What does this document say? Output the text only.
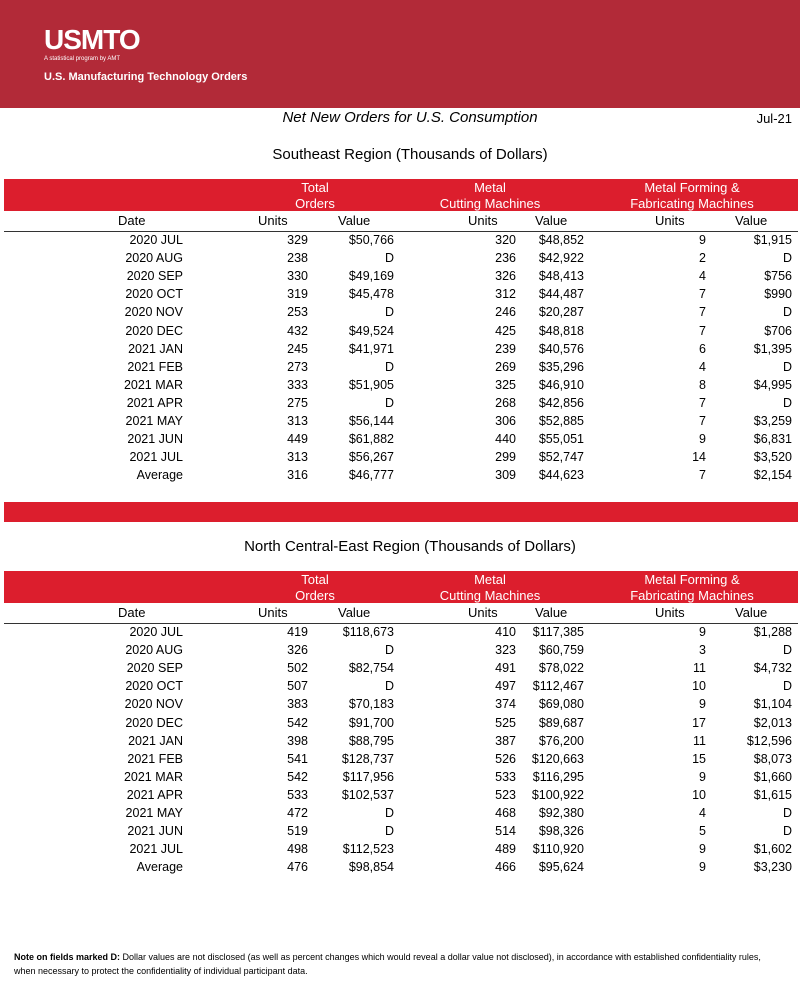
USMTO
A statistical program by AMT
U.S. Manufacturing Technology Orders
Net New Orders for U.S. Consumption	Jul-21
Southeast Region (Thousands of Dollars)
Total
Orders
Metal
Cutting Machines
Metal Forming &
Fabricating Machines
Date	Units	Value	Units	Value	Units	Value
2020 JUL	329	$50,766	320 $48,852	9	$1,915
2020 AUG	238	D	236 $42,922	2	D
2020 SEP	330	$49,169	326 $48,413	4	$756
2020 OCT	319	$45,478	312 $44,487	7	$990
2020 NOV	253	D	246 $20,287	7	D
2020 DEC	432	$49,524	425 $48,818	7	$706
2021 JAN	245	$41,971	239 $40,576	6	$1,395
2021 FEB	273	D	269 $35,296	4	D
2021 MAR	333	$51,905	325 $46,910	8	$4,995
2021 APR	275	D	268 $42,856	7	D
2021 MAY	313	$56,144	306 $52,885	7	$3,259
2021 JUN	449	$61,882	440 $55,051	9	$6,831
2021 JUL	313	$56,267	299 $52,747	14	$3,520
Average	316	$46,777	309 $44,623	7	$2,154
North Central-East Region (Thousands of Dollars)
Total
Orders
Metal
Cutting Machines
Metal Forming &
Fabricating Machines
Date	Units	Value	Units	Value	Units	Value
2020 JUL	419	$118,673	410 $117,385	9	$1,288
2020 AUG	326	D	323 $60,759	3	D
2020 SEP	502	$82,754	491 $78,022	11	$4,732
2020 OCT	507	D	497 $112,467	10	D
2020 NOV	383	$70,183	374 $69,080	9	$1,104
2020 DEC	542	$91,700	525 $89,687	17	$2,013
2021 JAN	398	$88,795	387 $76,200	11	$12,596
2021 FEB	541	$128,737	526 $120,663	15	$8,073
2021 MAR	542	$117,956	533 $116,295	9	$1,660
2021 APR	533	$102,537	523 $100,922	10	$1,615
2021 MAY	472	D	468 $92,380	4	D
2021 JUN	519	D	514 $98,326	5	D
2021 JUL	498	$112,523	489 $110,920	9	$1,602
Average	476	$98,854	466 $95,624	9	$3,230
Note on fields marked D: Dollar values are not disclosed (as well as percent changes which would reveal a dollar value not disclosed), in accordance with established confidentiality rules, when necessary to protect the confidentiality of individual participant data.
